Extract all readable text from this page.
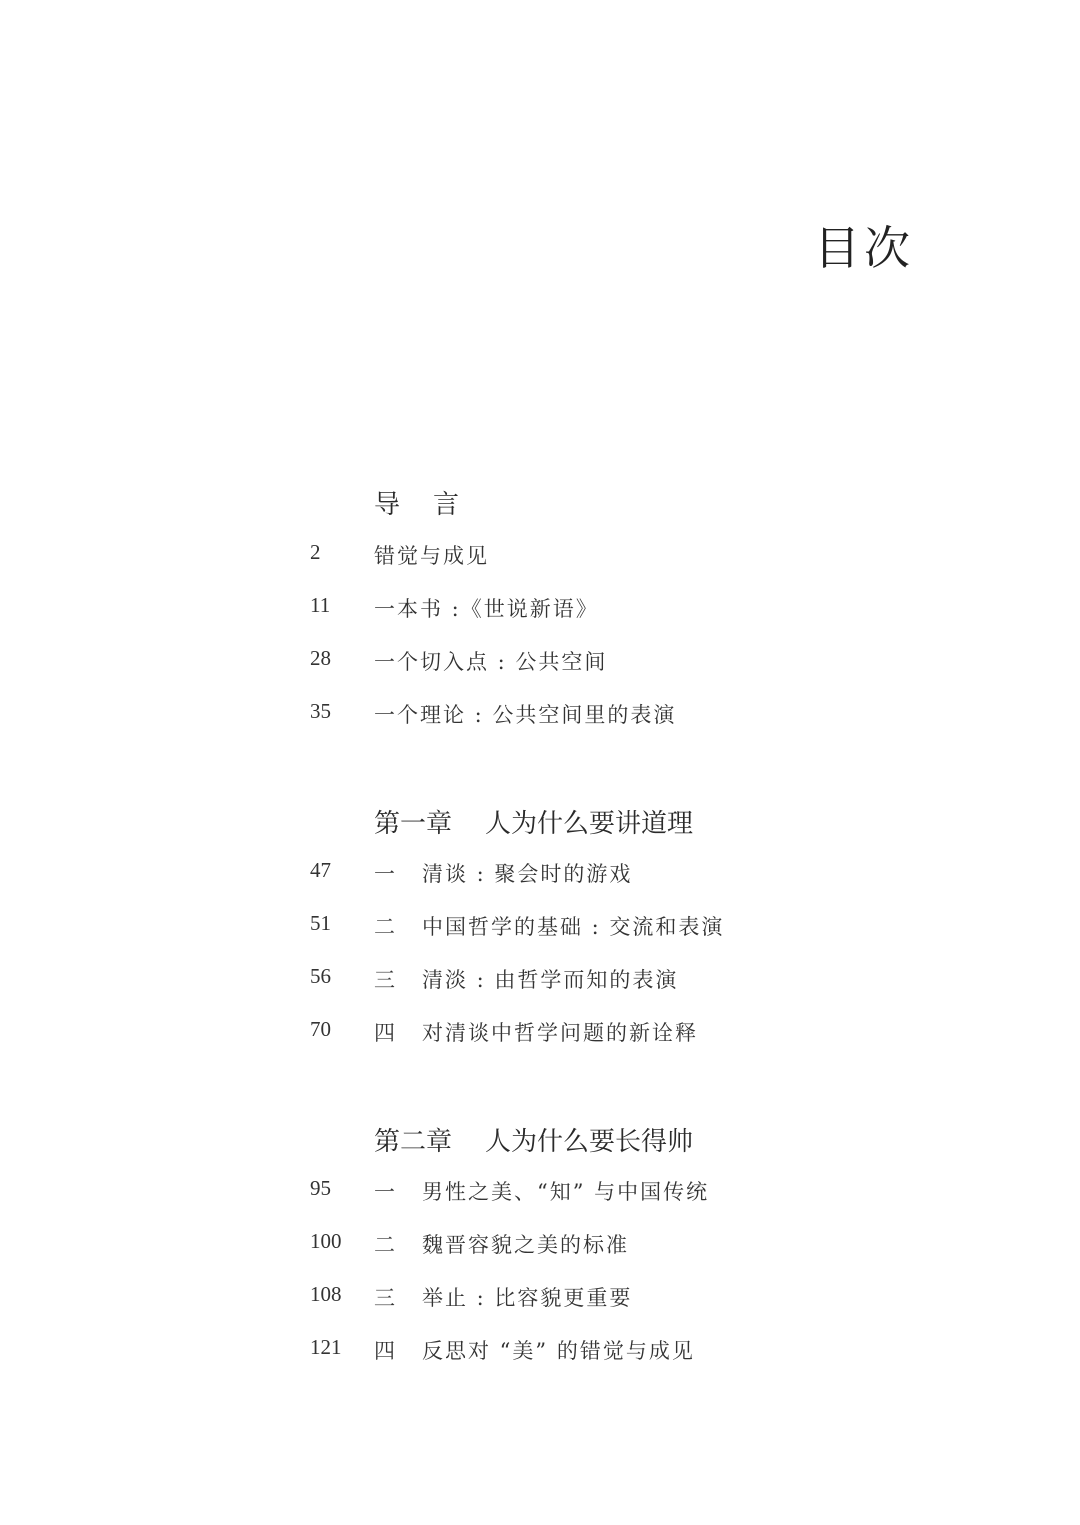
目次
导    言
2	错觉与成见
11 一本书 :《世说新语》
28 一个切入点 : 公共空间
35 一个理论 : 公共空间里的表演
第一章    人为什么要讲道理
47 一 清谈 : 聚会时的游戏
51 二 中国哲学的基础 : 交流和表演
56 三 清淡 : 由哲学而知的表演
70 四 对清谈中哲学问题的新诠释
第二章    人为什么要长得帅
95 一 男性之美、“知” 与中国传统
100 二 魏晋容貌之美的标准
108 三 举止 : 比容貌更重要
121 四 反思对 “美” 的错觉与成见
